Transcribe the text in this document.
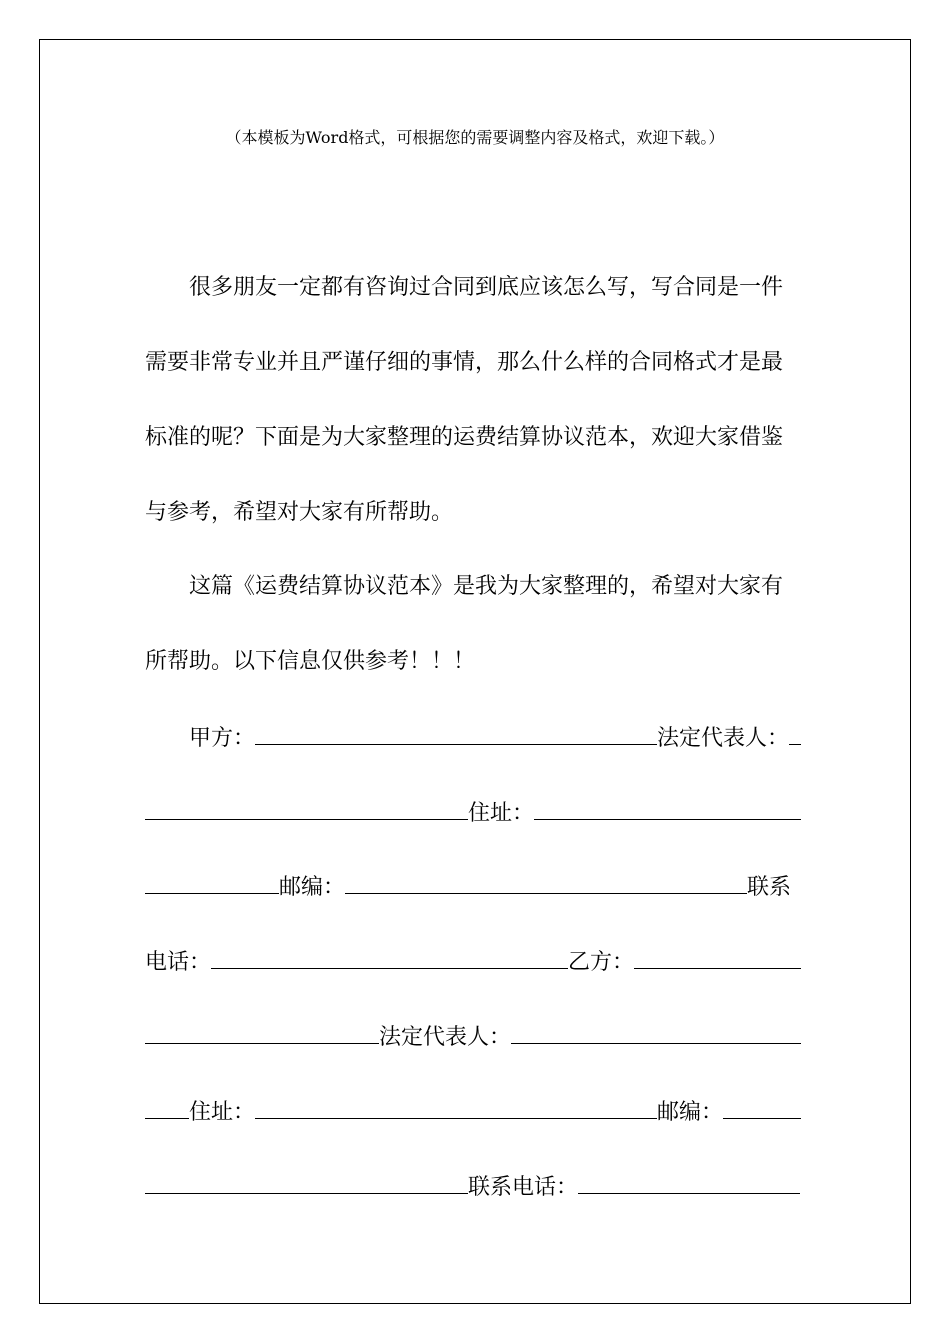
（本模板为Word格式，可根据您的需要调整内容及格式，欢迎下载。）
很多朋友一定都有咨询过合同到底应该怎么写，写合同是一件
需要非常专业并且严谨仔细的事情，那么什么样的合同格式才是最
标准的呢？下面是为大家整理的运费结算协议范本，欢迎大家借鉴
与参考，希望对大家有所帮助。
这篇《运费结算协议范本》是我为大家整理的，希望对大家有
所帮助。以下信息仅供参考！！！
甲方：	法定代表人：
住址：
邮编：	联系
电话：	乙方：
法定代表人：
住址：	邮编：
联系电话：
